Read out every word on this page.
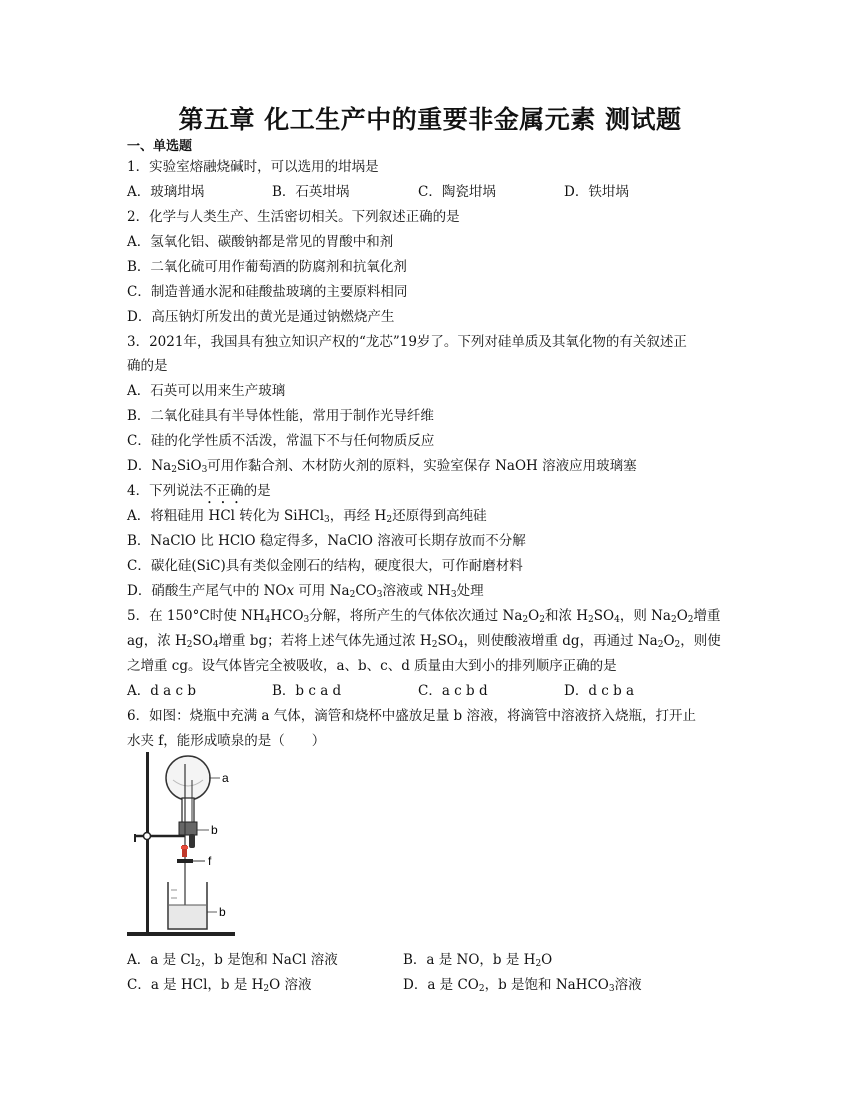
第五章 化工生产中的重要非金属元素 测试题
一、单选题
1．实验室熔融烧碱时，可以选用的坩埚是
A．玻璃坩埚	B．石英坩埚	C．陶瓷坩埚	D．铁坩埚
2．化学与人类生产、生活密切相关。下列叙述正确的是
A．氢氧化铝、碳酸钠都是常见的胃酸中和剂
B．二氧化硫可用作葡萄酒的防腐剂和抗氧化剂
C．制造普通水泥和硅酸盐玻璃的主要原料相同
D．高压钠灯所发出的黄光是通过钠燃烧产生
3．2021年，我国具有独立知识产权的“龙芯”19岁了。下列对硅单质及其氧化物的有关叙述正
确的是
A．石英可以用来生产玻璃
B．二氧化硅具有半导体性能，常用于制作光导纤维
C．硅的化学性质不活泼，常温下不与任何物质反应
D．$Na_2SiO_3$可用作黏合剂、木材防火剂的原料，实验室保存 NaOH 溶液应用玻璃塞
4．下列说法不正确的是
A．将粗硅用 HCl 转化为 SiHCl$_3$，再经 $H_2$还原得到高纯硅
B．NaClO 比 HClO 稳定得多，NaClO 溶液可长期存放而不分解
C．碳化硅(SiC)具有类似金刚石的结构，硬度很大，可作耐磨材料
D．硝酸生产尾气中的 NOx 可用 $Na_2CO_3$溶液或 $NH_3$处理
5．在 150°C时使 $NH_4HCO_3$分解，将所产生的气体依次通过 $Na_2O_2$和浓 $H_2SO_4$，则 $Na_2O_2$增重
ag，浓 $H_2SO_4$增重 bg；若将上述气体先通过浓 $H_2SO_4$，则使酸液增重 dg，再通过 $Na_2O_2$，则使
之增重 cg。设气体皆完全被吸收，a、b、c、d 质量由大到小的排列顺序正确的是
A．d a c b	B．b c a d	C．a c b d	D．d c b a
6．如图：烧瓶中充满 a 气体，滴管和烧杯中盛放足量 b 溶液，将滴管中溶液挤入烧瓶，打开止
水夹 f，能形成喷泉的是（　　）
a
b
f
b
A．a 是 $Cl_2$，b 是饱和 NaCl 溶液	B．a 是 NO，b 是 $H_2O$
C．a 是 HCl，b 是 $H_2O$ 溶液	D．a 是 $CO_2$，b 是饱和 NaHCO$_3$溶液
